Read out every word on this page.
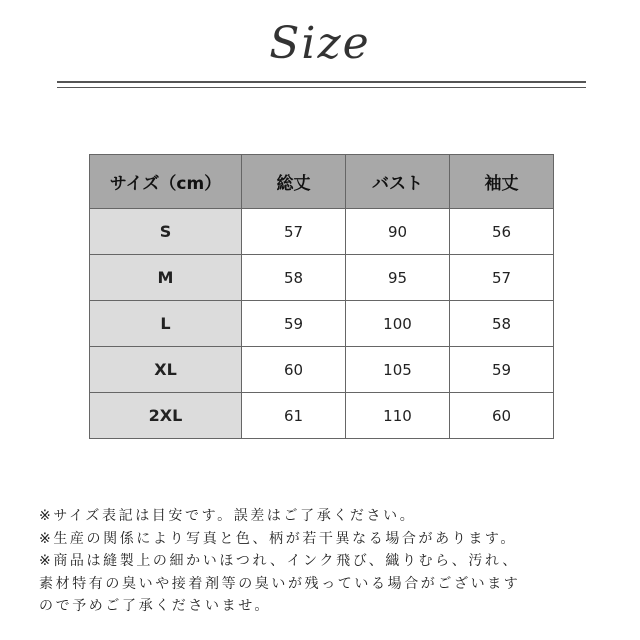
Size
サイズ（cm）	総丈	バスト	袖丈
S	57	90	56
M	58	95	57
L	59	100	58
XL	60	105	59
2XL	61	110	60
※サイズ表記は目安です。誤差はご了承ください。
※生産の関係により写真と色、柄が若干異なる場合があります。
※商品は縫製上の細かいほつれ、インク飛び、織りむら、汚れ、
素材特有の臭いや接着剤等の臭いが残っている場合がございます
ので予めご了承くださいませ。
